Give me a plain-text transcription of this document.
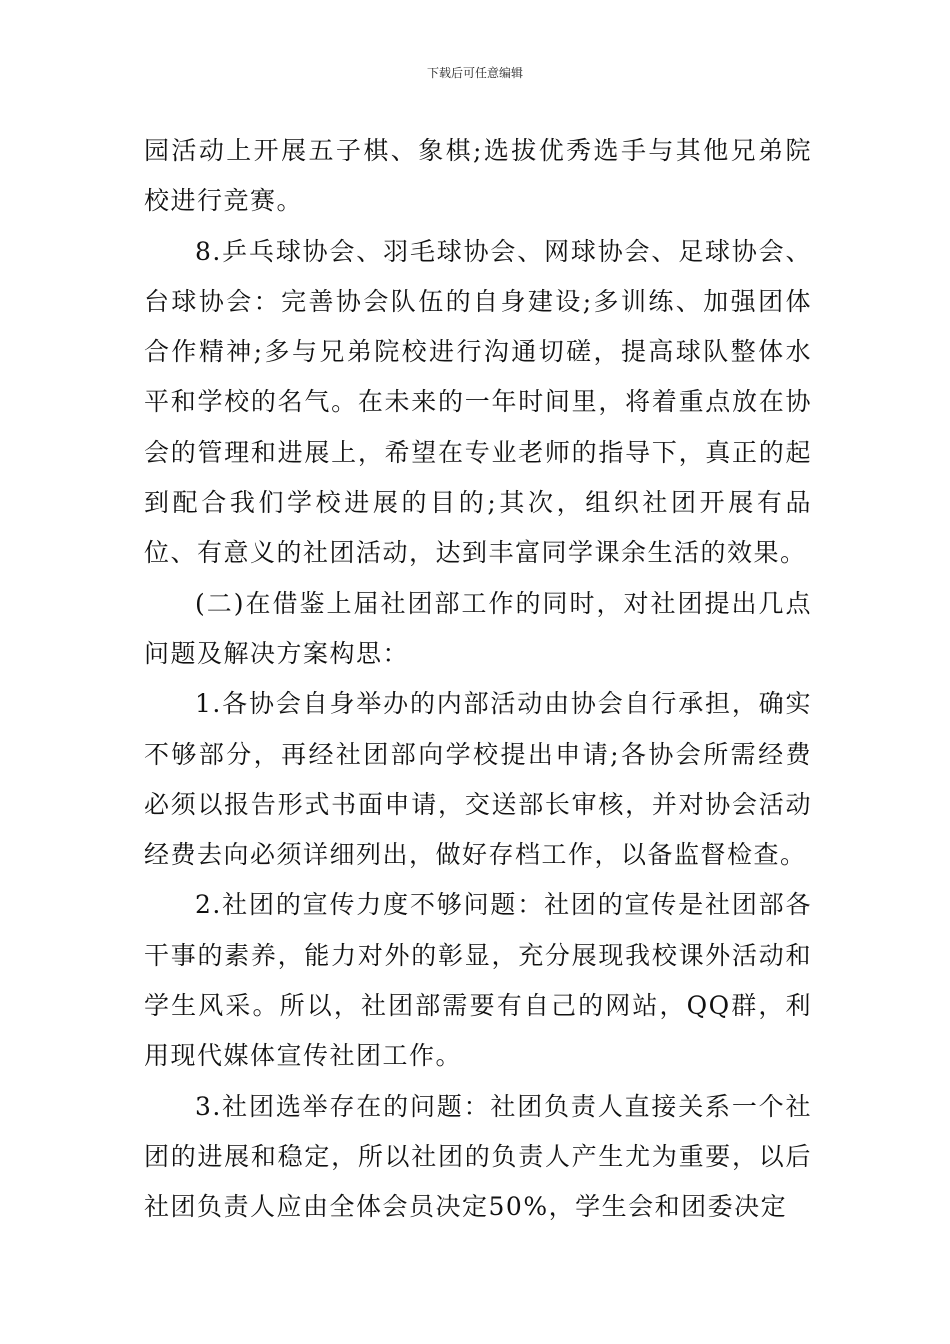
下载后可任意编辑

园活动上开展五子棋、象棋;选拔优秀选手与其他兄弟院校进行竞赛。

8.乒乓球协会、羽毛球协会、网球协会、足球协会、台球协会：完善协会队伍的自身建设;多训练、加强团体合作精神;多与兄弟院校进行沟通切磋，提高球队整体水平和学校的名气。在未来的一年时间里，将着重点放在协会的管理和进展上，希望在专业老师的指导下，真正的起到配合我们学校进展的目的;其次，组织社团开展有品位、有意义的社团活动，达到丰富同学课余生活的效果。

(二)在借鉴上届社团部工作的同时，对社团提出几点问题及解决方案构思：

1.各协会自身举办的内部活动由协会自行承担，确实不够部分，再经社团部向学校提出申请;各协会所需经费必须以报告形式书面申请，交送部长审核，并对协会活动经费去向必须详细列出，做好存档工作，以备监督检查。

2.社团的宣传力度不够问题：社团的宣传是社团部各干事的素养，能力对外的彰显，充分展现我校课外活动和学生风采。所以，社团部需要有自己的网站，QQ群，利用现代媒体宣传社团工作。

3.社团选举存在的问题：社团负责人直接关系一个社团的进展和稳定，所以社团的负责人产生尤为重要，以后社团负责人应由全体会员决定50%，学生会和团委决定
